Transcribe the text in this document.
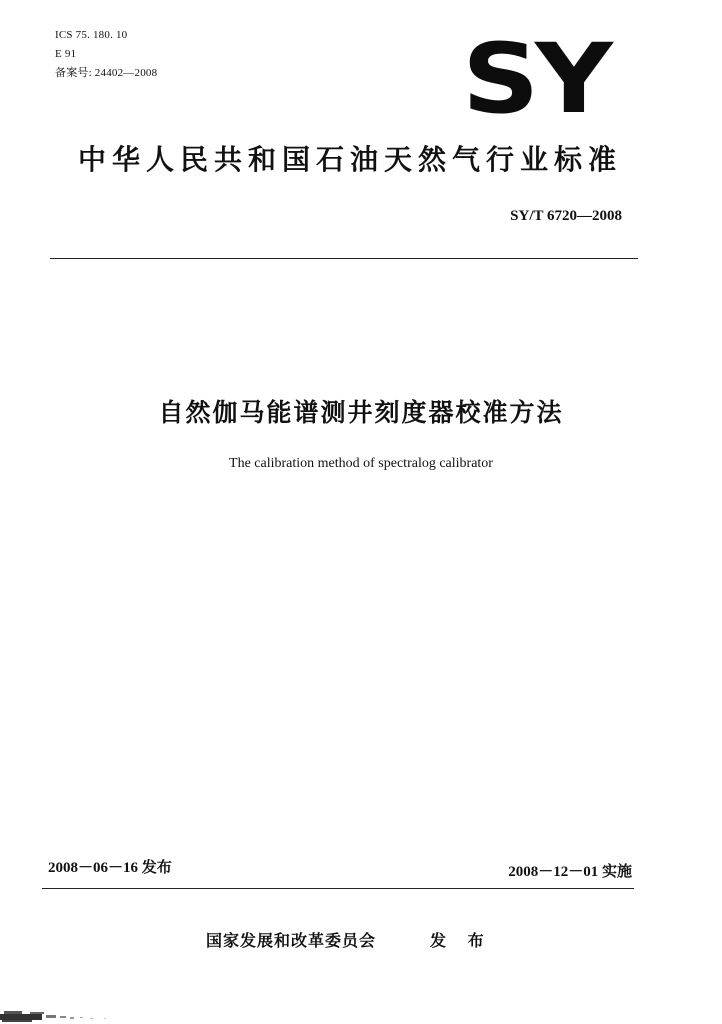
ICS 75. 180. 10
E 91
备案号: 24402—2008	SY
中华人民共和国石油天然气行业标准
SY/T 6720—2008
自然伽马能谱测井刻度器校准方法
The calibration method of spectralog calibrator
2008－06－16 发布	2008－12－01 实施
国家发展和改革委员会	发 布
